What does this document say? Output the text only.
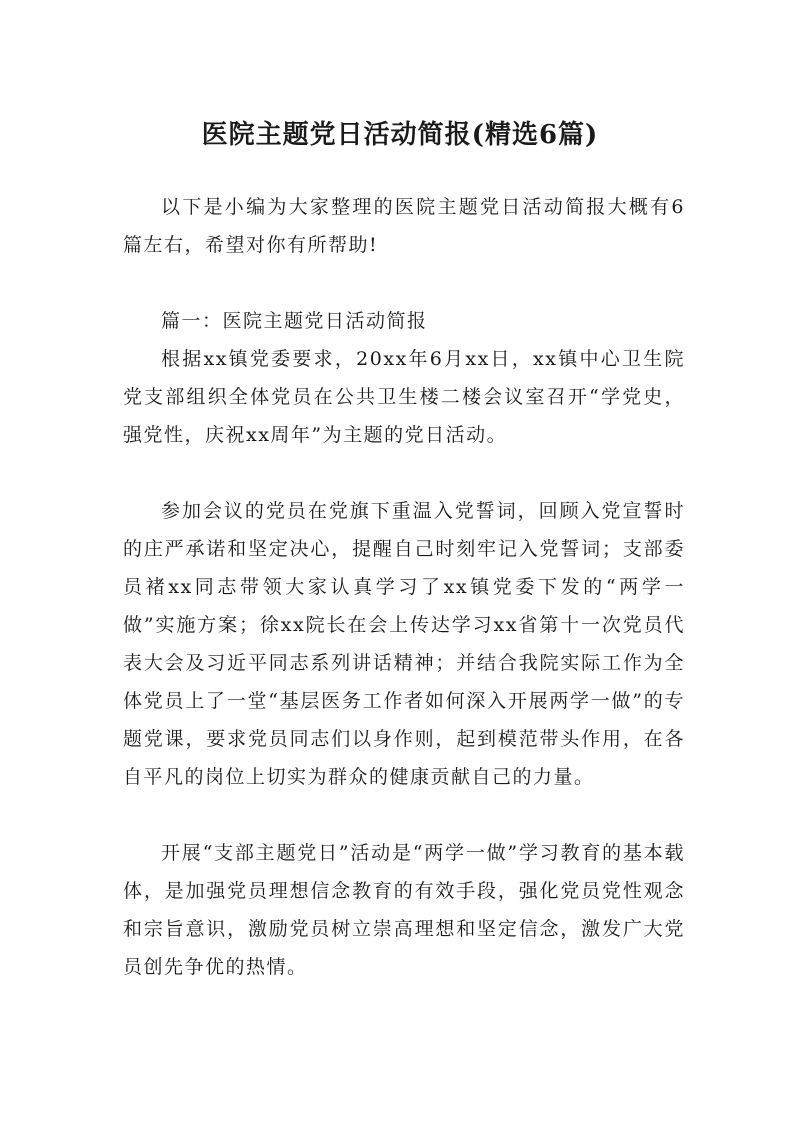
医院主题党日活动简报(精选6篇)

以下是小编为大家整理的医院主题党日活动简报大概有6篇左右，希望对你有所帮助!

篇一：医院主题党日活动简报

根据xx镇党委要求，20xx年6月xx日，xx镇中心卫生院党支部组织全体党员在公共卫生楼二楼会议室召开“学党史，强党性，庆祝xx周年”为主题的党日活动。

参加会议的党员在党旗下重温入党誓词，回顾入党宣誓时的庄严承诺和坚定决心，提醒自己时刻牢记入党誓词；支部委员褚xx同志带领大家认真学习了xx镇党委下发的“两学一做”实施方案；徐xx院长在会上传达学习xx省第十一次党员代表大会及习近平同志系列讲话精神；并结合我院实际工作为全体党员上了一堂“基层医务工作者如何深入开展两学一做”的专题党课，要求党员同志们以身作则，起到模范带头作用，在各自平凡的岗位上切实为群众的健康贡献自己的力量。

开展“支部主题党日”活动是“两学一做”学习教育的基本载体，是加强党员理想信念教育的有效手段，强化党员党性观念和宗旨意识，激励党员树立崇高理想和坚定信念，激发广大党员创先争优的热情。
